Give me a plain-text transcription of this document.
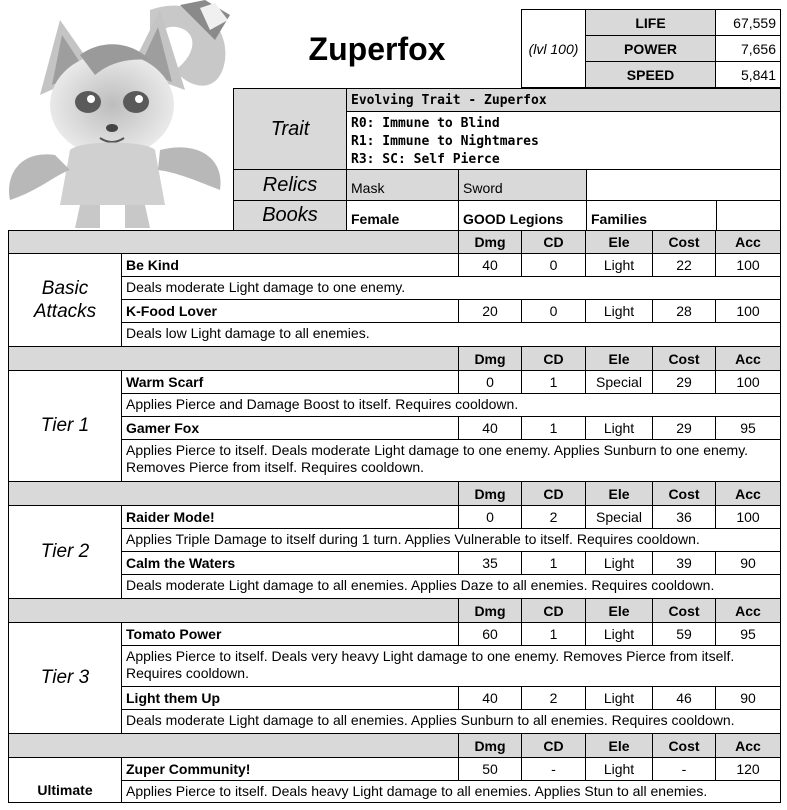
Zuperfox	(lvl 100)
LIFE	67,559
POWER	7,656
SPEED	5,841
Trait
Evolving Trait - Zuperfox
R0: Immune to Blind
R1: Immune to Nightmares
R3: SC: Self Pierce
Relics	Mask	Sword
Books	Female	GOOD Legions	Families
Dmg	CD	Ele	Cost	Acc
Basic Attacks
Be Kind	40	0	Light	22	100
Deals moderate Light damage to one enemy.
K-Food Lover	20	0	Light	28	100
Deals low Light damage to all enemies.
Dmg	CD	Ele	Cost	Acc
Tier 1
Warm Scarf	0	1	Special	29	100
Applies Pierce and Damage Boost to itself. Requires cooldown.
Gamer Fox	40	1	Light	29	95
Applies Pierce to itself. Deals moderate Light damage to one enemy. Applies Sunburn to one enemy. Removes Pierce from itself. Requires cooldown.
Dmg	CD	Ele	Cost	Acc
Tier 2
Raider Mode!	0	2	Special	36	100
Applies Triple Damage to itself during 1 turn. Applies Vulnerable to itself. Requires cooldown.
Calm the Waters	35	1	Light	39	90
Deals moderate Light damage to all enemies. Applies Daze to all enemies. Requires cooldown.
Dmg	CD	Ele	Cost	Acc
Tier 3
Tomato Power	60	1	Light	59	95
Applies Pierce to itself. Deals very heavy Light damage to one enemy. Removes Pierce from itself. Requires cooldown.
Light them Up	40	2	Light	46	90
Deals moderate Light damage to all enemies. Applies Sunburn to all enemies. Requires cooldown.
Dmg	CD	Ele	Cost	Acc
Ultimate
Zuper Community!	50	-	Light	-	120
Applies Pierce to itself. Deals heavy Light damage to all enemies. Applies Stun to all enemies.
